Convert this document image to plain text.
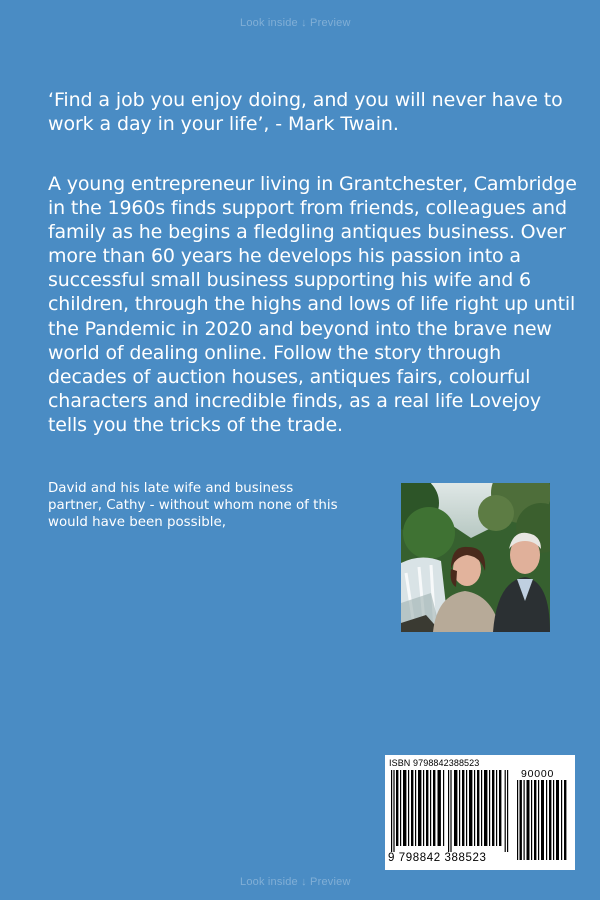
Look inside ↓ Preview

‘Find a job you enjoy doing, and you will never have to work a day in your life’, - Mark Twain.

A young entrepreneur living in Grantchester, Cambridge in the 1960s finds support from friends, colleagues and family as he begins a fledgling antiques business. Over more than 60 years he develops his passion into a successful small business supporting his wife and 6 children, through the highs and lows of life right up until the Pandemic in 2020 and beyond into the brave new world of dealing online. Follow the story through decades of auction houses, antiques fairs, colourful characters and incredible finds, as a real life Lovejoy tells you the tricks of the trade.

David and his late wife and business partner, Cathy - without whom none of this would have been possible,

ISBN 9798842388523
90000
9 798842 388523
Look inside ↓ Preview
